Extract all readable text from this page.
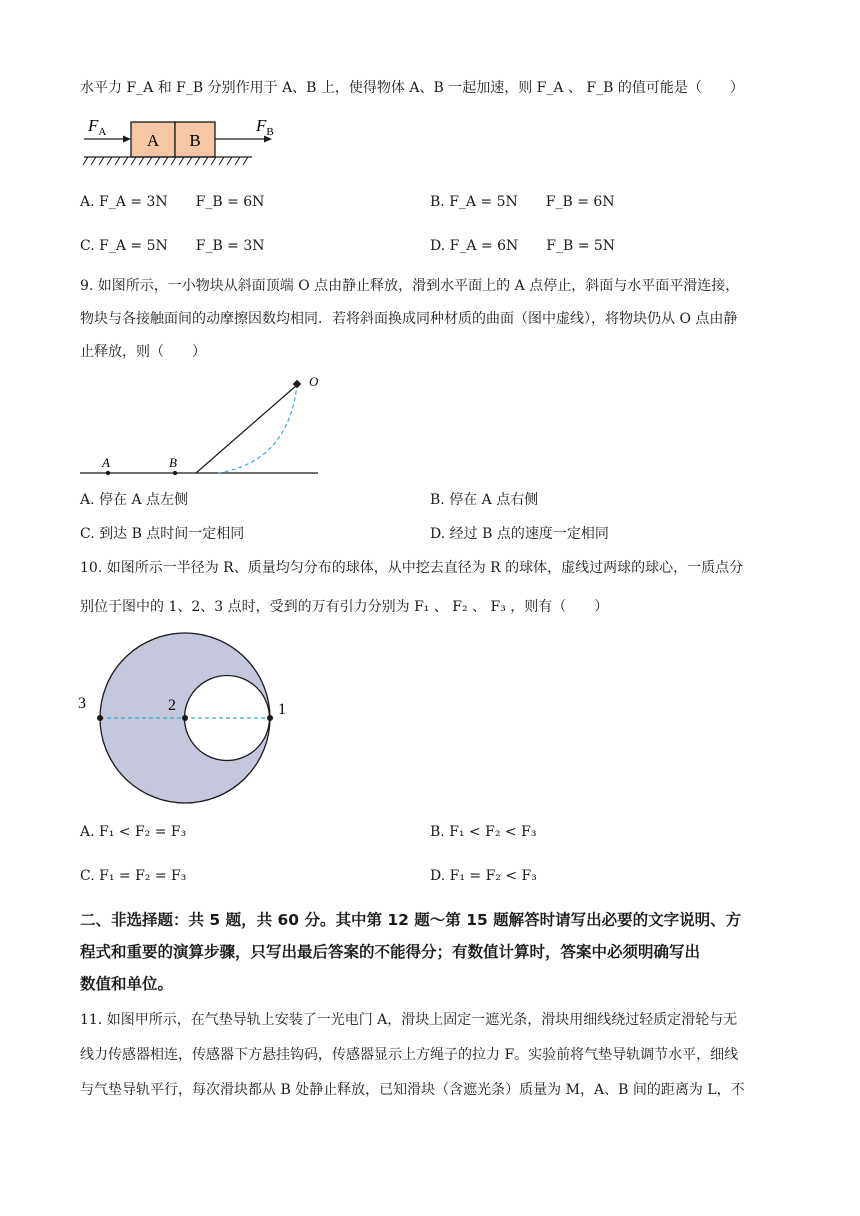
水平力 F_A 和 F_B 分别作用于 A、B 上，使得物体 A、B 一起加速，则 F_A 、 F_B 的值可能是（　　）
A B
$F_A$	$F_B$
A. F_A = 3N　　F_B = 6N	B. F_A = 5N　　F_B = 6N
C. F_A = 5N　　F_B = 3N	D. F_A = 6N　　F_B = 5N
9. 如图所示，一小物块从斜面顶端 O 点由静止释放，滑到水平面上的 A 点停止，斜面与水平面平滑连接，
物块与各接触面间的动摩擦因数均相同．若将斜面换成同种材质的曲面（图中虚线），将物块仍从 O 点由静
止释放，则（　　）
O
A	B
A. 停在 A 点左侧	B. 停在 A 点右侧
C. 到达 B 点时间一定相同	D. 经过 B 点的速度一定相同
10. 如图所示一半径为 R、质量均匀分布的球体，从中挖去直径为 R 的球体，虚线过两球的球心，一质点分
别位于图中的 1、2、3 点时，受到的万有引力分别为 F₁ 、 F₂ 、 F₃ ，则有（　　）
3	2	1
A. F₁ < F₂ = F₃	B. F₁ < F₂ < F₃
C. F₁ = F₂ = F₃	D. F₁ = F₂ < F₃
二、非选择题：共 5 题，共 60 分。其中第 12 题～第 15 题解答时请写出必要的文字说明、方
程式和重要的演算步骤，只写出最后答案的不能得分；有数值计算时，答案中必须明确写出
数值和单位。
11. 如图甲所示，在气垫导轨上安装了一光电门 A，滑块上固定一遮光条，滑块用细线绕过轻质定滑轮与无
线力传感器相连，传感器下方悬挂钩码，传感器显示上方绳子的拉力 F。实验前将气垫导轨调节水平，细线
与气垫导轨平行，每次滑块都从 B 处静止释放，已知滑块（含遮光条）质量为 M，A、B 间的距离为 L，不
